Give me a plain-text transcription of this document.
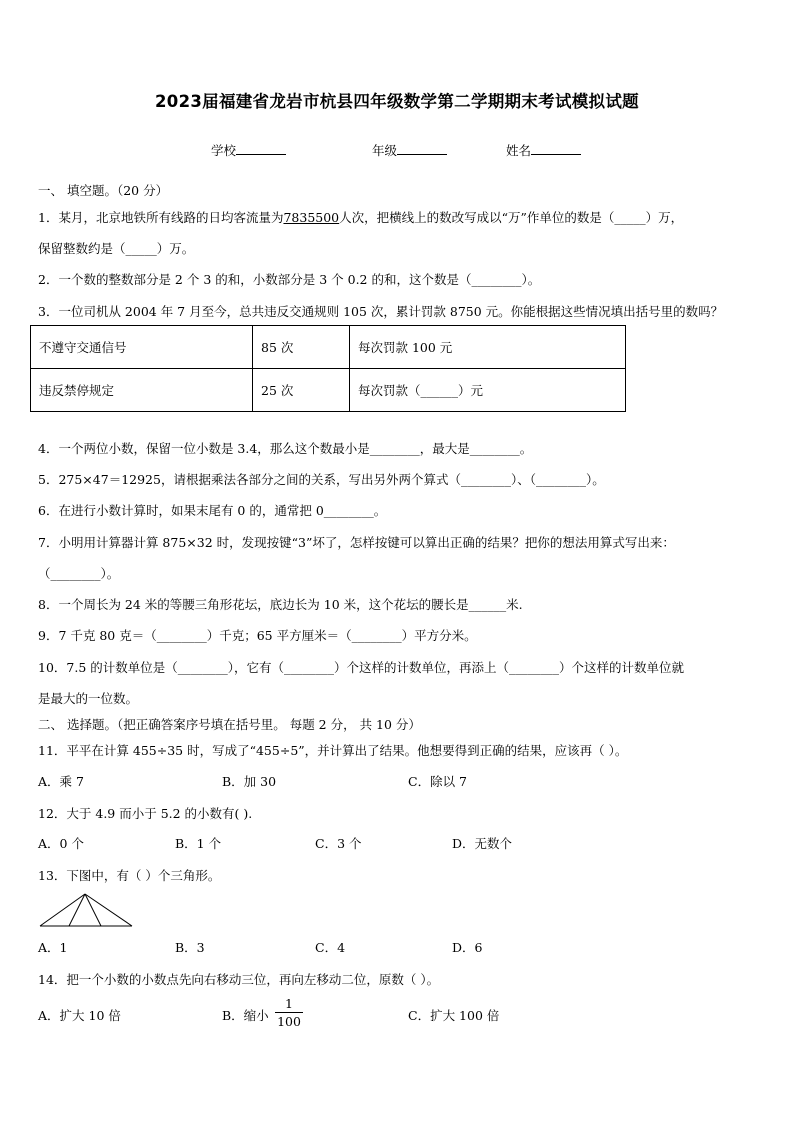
2023届福建省龙岩市杭县四年级数学第二学期期末考试模拟试题
学校	年级	姓名
一、 填空题。（20 分）
1．某月，北京地铁所有线路的日均客流量为7835500人次，把横线上的数改写成以“万”作单位的数是（_____）万，
保留整数约是（_____）万。
2．一个数的整数部分是 2 个 3 的和，小数部分是 3 个 0.2 的和，这个数是（________）。
3．一位司机从 2004 年 7 月至今，总共违反交通规则 105 次，累计罚款 8750 元。你能根据这些情况填出括号里的数吗？
不遵守交通信号	85 次	每次罚款 100 元
违反禁停规定	25 次	每次罚款（______）元
4．一个两位小数，保留一位小数是 3.4，那么这个数最小是________，最大是________。
5．275×47＝12925，请根据乘法各部分之间的关系，写出另外两个算式（________）、（________）。
6．在进行小数计算时，如果末尾有 0 的，通常把 0________。
7．小明用计算器计算 875×32 时，发现按键“3”坏了，怎样按键可以算出正确的结果？把你的想法用算式写出来：
（________）。
8．一个周长为 24 米的等腰三角形花坛，底边长为 10 米，这个花坛的腰长是______米.
9．7 千克 80 克＝（________）千克；65 平方厘米＝（________）平方分米。
10．7.5 的计数单位是（________），它有（________）个这样的计数单位，再添上（________）个这样的计数单位就
是最大的一位数。
二、 选择题。（把正确答案序号填在括号里。 每题 2 分， 共 10 分）
11．平平在计算 455÷35 时，写成了“455÷5”，并计算出了结果。他想要得到正确的结果，应该再（ ）。
A．乘 7	B．加 30	C．除以 7
12．大于 4.9 而小于 5.2 的小数有( ).
A．0 个	B．1 个	C．3 个	D．无数个
13．下图中，有（ ）个三角形。
A．1	B．3	C．4	D．6
14．把一个小数的小数点先向右移动三位，再向左移动二位，原数（ ）。
A．扩大 10 倍	B．缩小 $\frac{1}{100}$	C．扩大 100 倍
